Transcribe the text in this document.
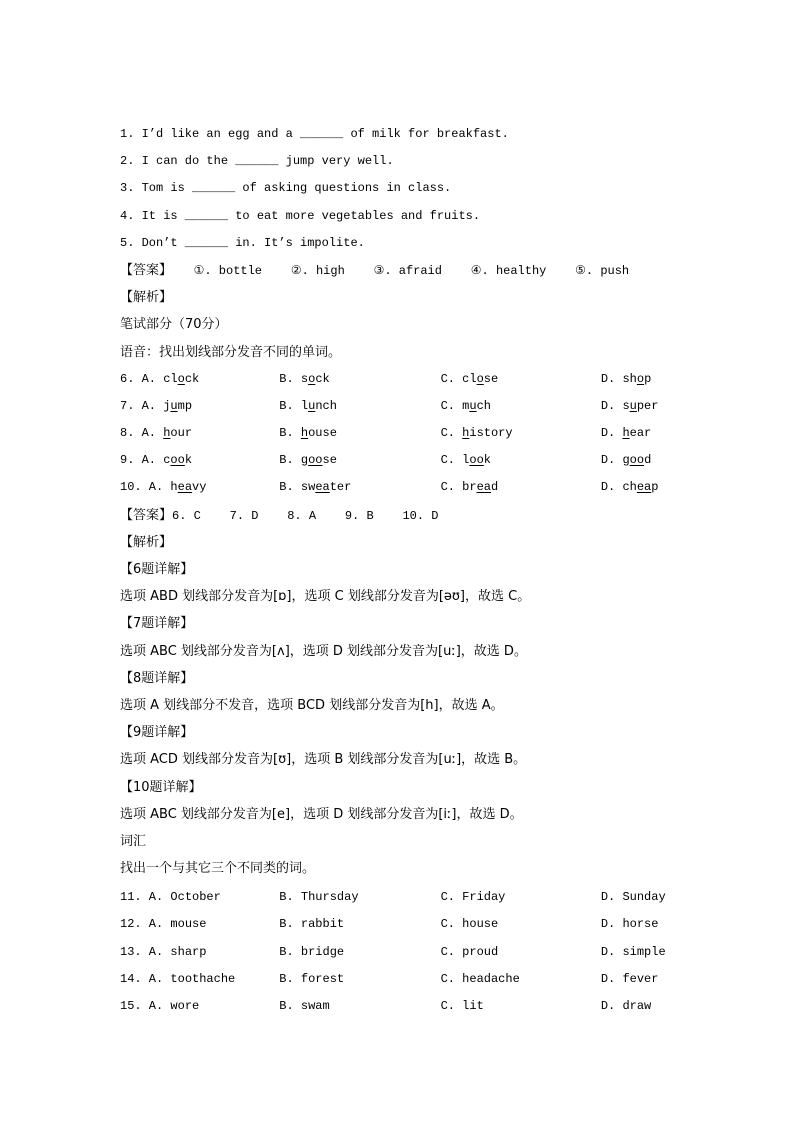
1. I’d like an egg and a ______ of milk for breakfast.
2. I can do the ______ jump very well.
3. Tom is ______ of asking questions in class.
4. It is ______ to eat more vegetables and fruits.
5. Don’t ______ in. It’s impolite.
【答案】 ①. bottle ②. high ③. afraid ④. healthy ⑤. push
【解析】
笔试部分（70分）
语音：找出划线部分发音不同的单词。
6. A. clock	B. sock	C. close	D. shop
7. A. jump	B. lunch	C. much	D. super
8. A. hour	B. house	C. history	D. hear
9. A. cook	B. goose	C. look	D. good
10. A. heavy	B. sweater	C. bread	D. cheap
【答案】6. C    7. D    8. A    9. B    10. D
【解析】
【6题详解】
选项 ABD 划线部分发音为[ɒ]，选项 C 划线部分发音为[əʊ]，故选 C。
【7题详解】
选项 ABC 划线部分发音为[ʌ]，选项 D 划线部分发音为[uː]，故选 D。
【8题详解】
选项 A 划线部分不发音，选项 BCD 划线部分发音为[h]，故选 A。
【9题详解】
选项 ACD 划线部分发音为[ʊ]，选项 B 划线部分发音为[uː]，故选 B。
【10题详解】
选项 ABC 划线部分发音为[e]，选项 D 划线部分发音为[iː]，故选 D。
词汇
找出一个与其它三个不同类的词。
11. A. October	B. Thursday	C. Friday	D. Sunday
12. A. mouse	B. rabbit	C. house	D. horse
13. A. sharp	B. bridge	C. proud	D. simple
14. A. toothache	B. forest	C. headache	D. fever
15. A. wore	B. swam	C. lit	D. draw
